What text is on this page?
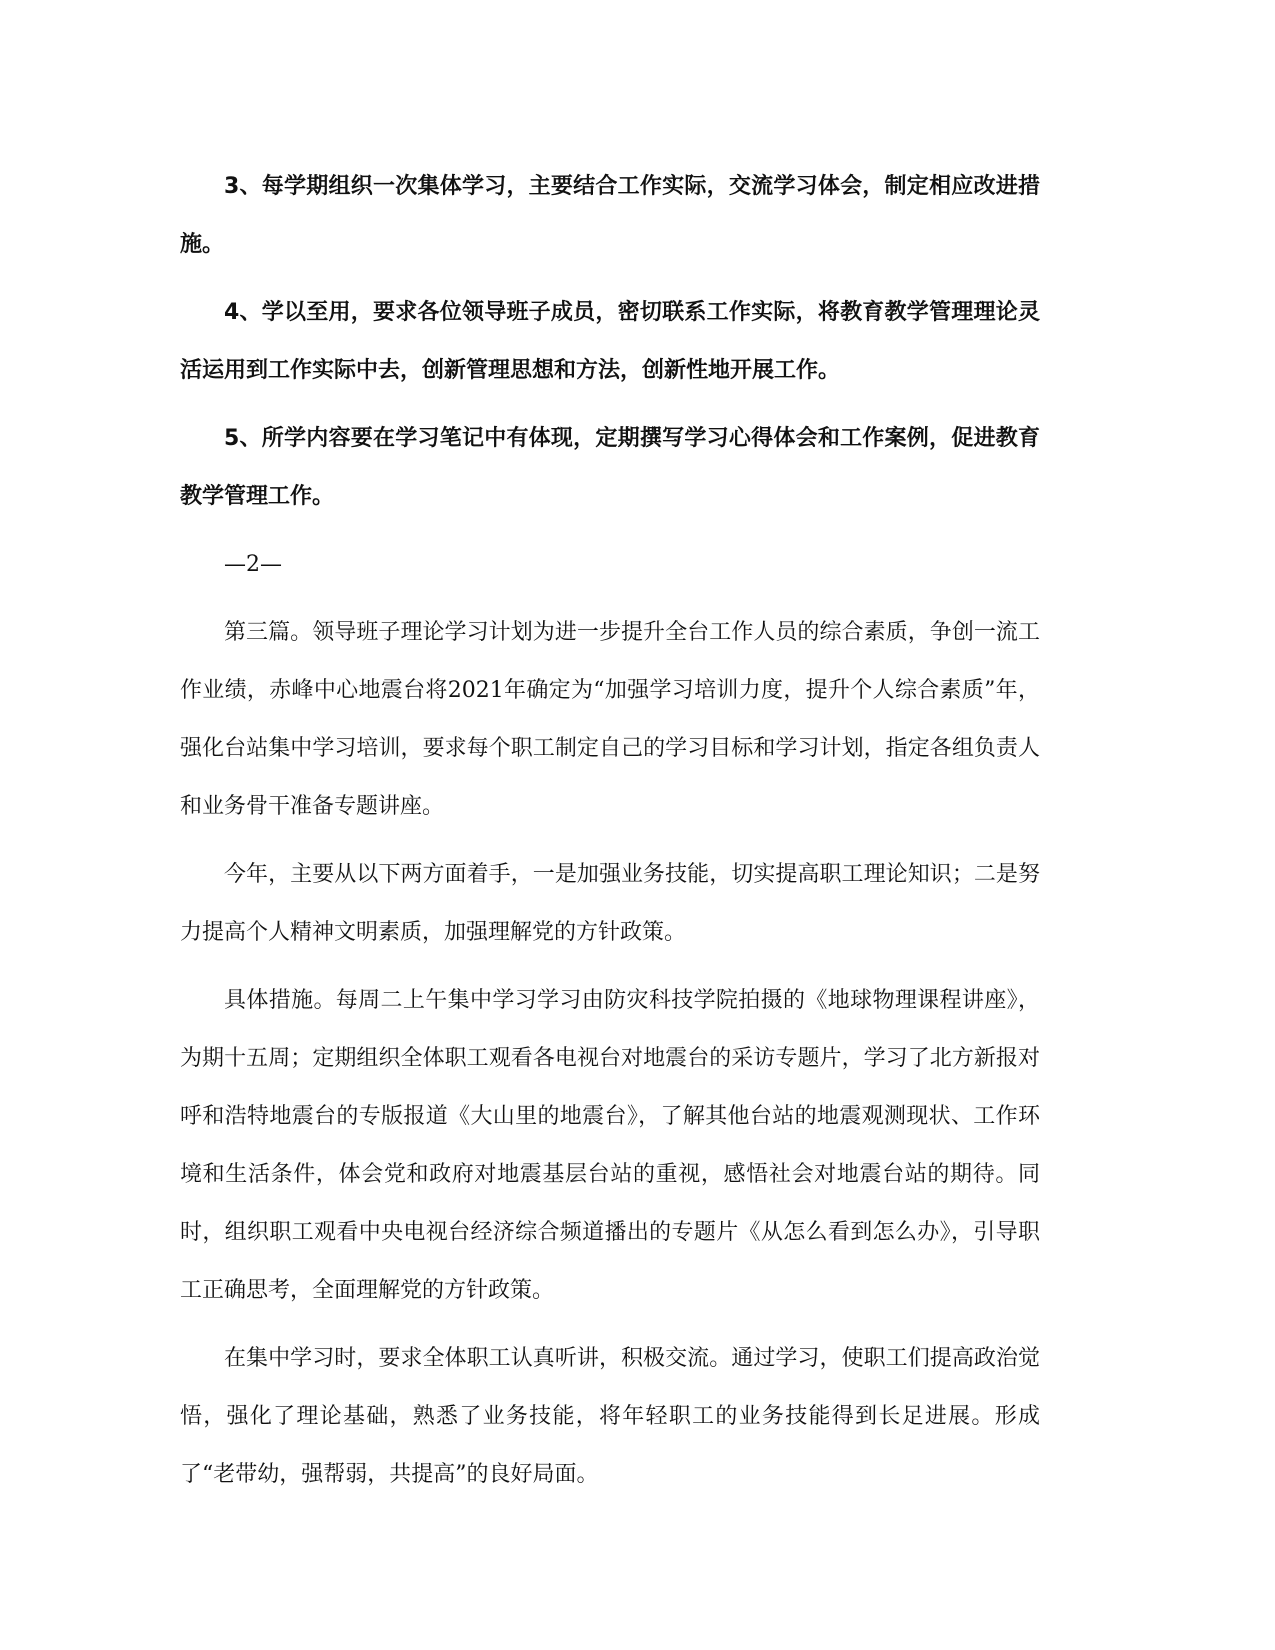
3、每学期组织一次集体学习，主要结合工作实际，交流学习体会，制定相应改进措施。

4、学以至用，要求各位领导班子成员，密切联系工作实际，将教育教学管理理论灵活运用到工作实际中去，创新管理思想和方法，创新性地开展工作。

5、所学内容要在学习笔记中有体现，定期撰写学习心得体会和工作案例，促进教育教学管理工作。

—2—

第三篇。领导班子理论学习计划为进一步提升全台工作人员的综合素质，争创一流工作业绩，赤峰中心地震台将2021年确定为“加强学习培训力度，提升个人综合素质”年，强化台站集中学习培训，要求每个职工制定自己的学习目标和学习计划，指定各组负责人和业务骨干准备专题讲座。

今年，主要从以下两方面着手，一是加强业务技能，切实提高职工理论知识；二是努力提高个人精神文明素质，加强理解党的方针政策。

具体措施。每周二上午集中学习学习由防灾科技学院拍摄的《地球物理课程讲座》，为期十五周；定期组织全体职工观看各电视台对地震台的采访专题片，学习了北方新报对呼和浩特地震台的专版报道《大山里的地震台》，了解其他台站的地震观测现状、工作环境和生活条件，体会党和政府对地震基层台站的重视，感悟社会对地震台站的期待。同时，组织职工观看中央电视台经济综合频道播出的专题片《从怎么看到怎么办》，引导职工正确思考，全面理解党的方针政策。

在集中学习时，要求全体职工认真听讲，积极交流。通过学习，使职工们提高政治觉悟，强化了理论基础，熟悉了业务技能，将年轻职工的业务技能得到长足进展。形成了“老带幼，强帮弱，共提高”的良好局面。
